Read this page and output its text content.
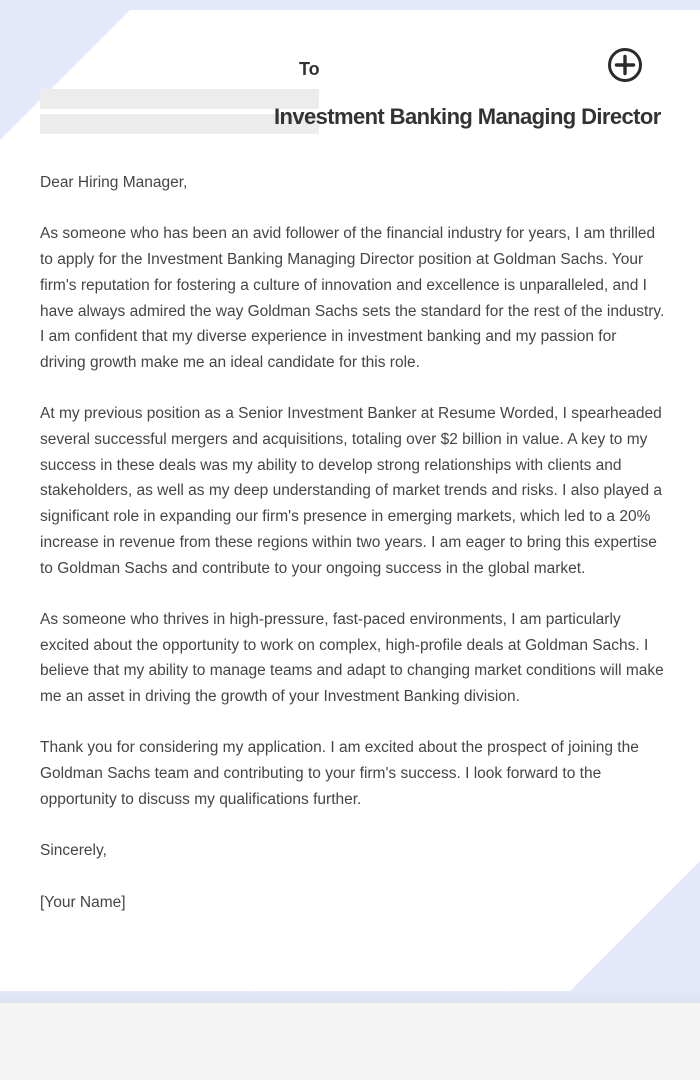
To
Investment Banking Managing Director

Dear Hiring Manager,

As someone who has been an avid follower of the financial industry for years, I am thrilled to apply for the Investment Banking Managing Director position at Goldman Sachs. Your firm's reputation for fostering a culture of innovation and excellence is unparalleled, and I have always admired the way Goldman Sachs sets the standard for the rest of the industry. I am confident that my diverse experience in investment banking and my passion for driving growth make me an ideal candidate for this role.

At my previous position as a Senior Investment Banker at Resume Worded, I spearheaded several successful mergers and acquisitions, totaling over $2 billion in value. A key to my success in these deals was my ability to develop strong relationships with clients and stakeholders, as well as my deep understanding of market trends and risks. I also played a significant role in expanding our firm's presence in emerging markets, which led to a 20% increase in revenue from these regions within two years. I am eager to bring this expertise to Goldman Sachs and contribute to your ongoing success in the global market.

As someone who thrives in high-pressure, fast-paced environments, I am particularly excited about the opportunity to work on complex, high-profile deals at Goldman Sachs. I believe that my ability to manage teams and adapt to changing market conditions will make me an asset in driving the growth of your Investment Banking division.

Thank you for considering my application. I am excited about the prospect of joining the Goldman Sachs team and contributing to your firm's success. I look forward to the opportunity to discuss my qualifications further.

Sincerely,

[Your Name]
